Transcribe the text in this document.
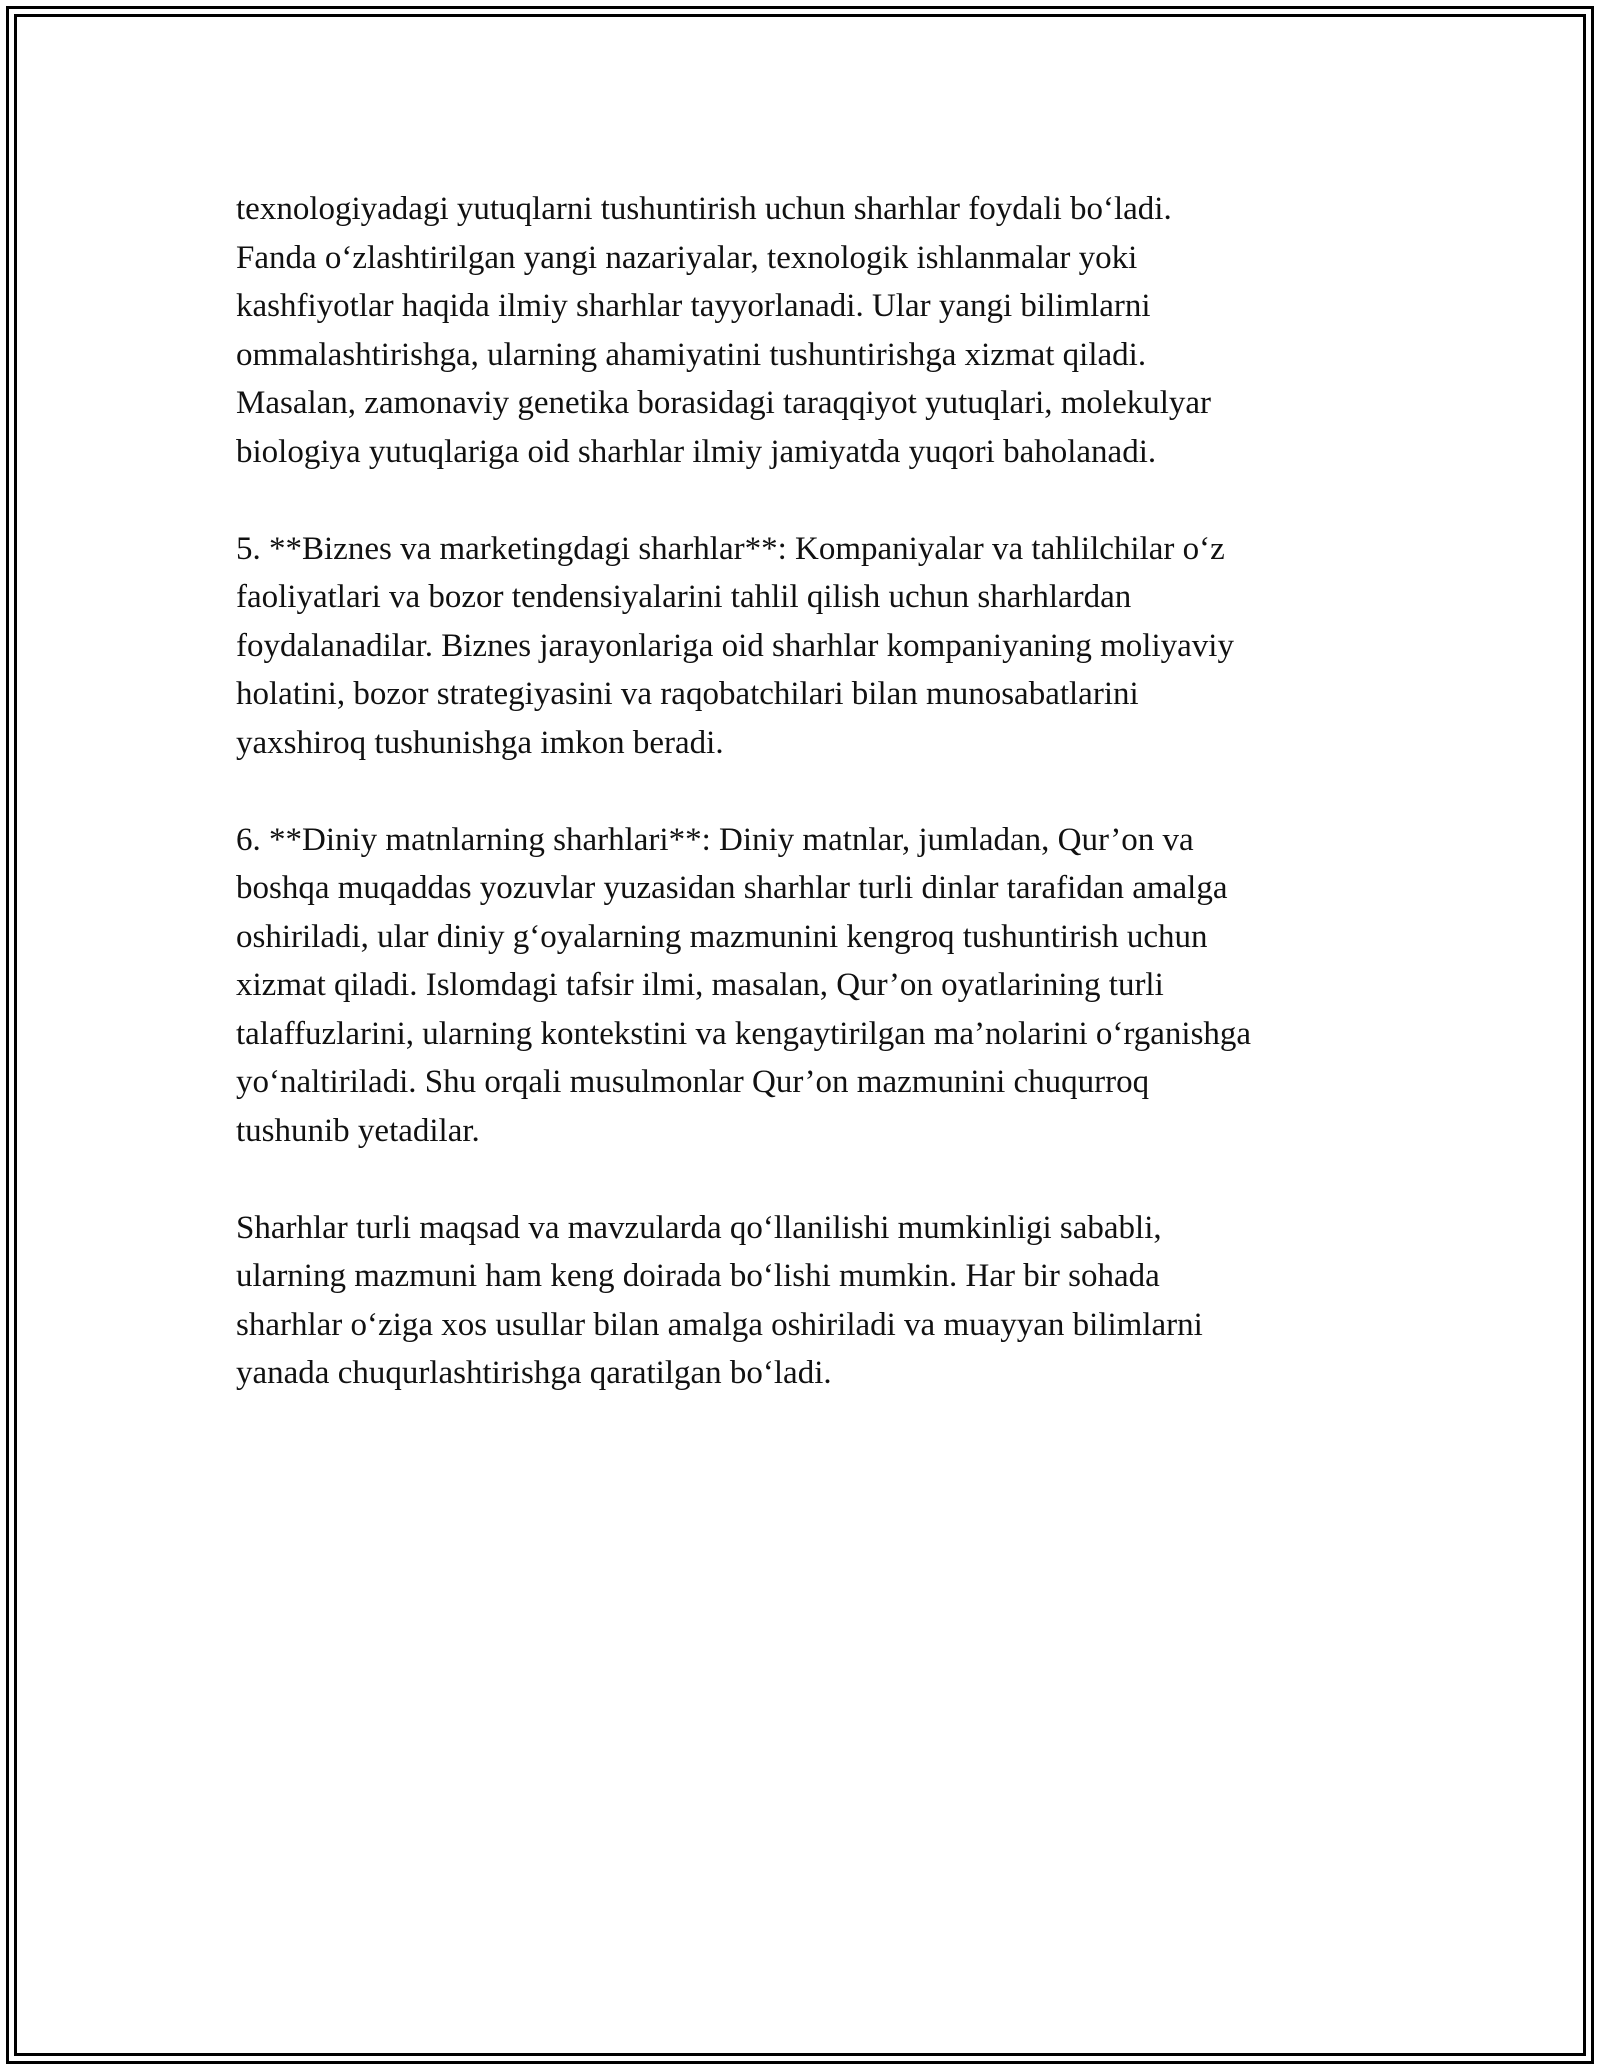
texnologiyadagi yutuqlarni tushuntirish uchun sharhlar foydali boʻladi.
Fanda oʻzlashtirilgan yangi nazariyalar, texnologik ishlanmalar yoki
kashfiyotlar haqida ilmiy sharhlar tayyorlanadi. Ular yangi bilimlarni
ommalashtirishga, ularning ahamiyatini tushuntirishga xizmat qiladi.
Masalan, zamonaviy genetika borasidagi taraqqiyot yutuqlari, molekulyar
biologiya yutuqlariga oid sharhlar ilmiy jamiyatda yuqori baholanadi.

5. **Biznes va marketingdagi sharhlar**: Kompaniyalar va tahlilchilar oʻz
faoliyatlari va bozor tendensiyalarini tahlil qilish uchun sharhlardan
foydalanadilar. Biznes jarayonlariga oid sharhlar kompaniyaning moliyaviy
holatini, bozor strategiyasini va raqobatchilari bilan munosabatlarini
yaxshiroq tushunishga imkon beradi.

6. **Diniy matnlarning sharhlari**: Diniy matnlar, jumladan, Qur’on va
boshqa muqaddas yozuvlar yuzasidan sharhlar turli dinlar tarafidan amalga
oshiriladi, ular diniy gʻoyalarning mazmunini kengroq tushuntirish uchun
xizmat qiladi. Islomdagi tafsir ilmi, masalan, Qur’on oyatlarining turli
talaffuzlarini, ularning kontekstini va kengaytirilgan ma’nolarini oʻrganishga
yoʻnaltiriladi. Shu orqali musulmonlar Qur’on mazmunini chuqurroq
tushunib yetadilar.

Sharhlar turli maqsad va mavzularda qoʻllanilishi mumkinligi sababli,
ularning mazmuni ham keng doirada boʻlishi mumkin. Har bir sohada
sharhlar oʻziga xos usullar bilan amalga oshiriladi va muayyan bilimlarni
yanada chuqurlashtirishga qaratilgan boʻladi.
